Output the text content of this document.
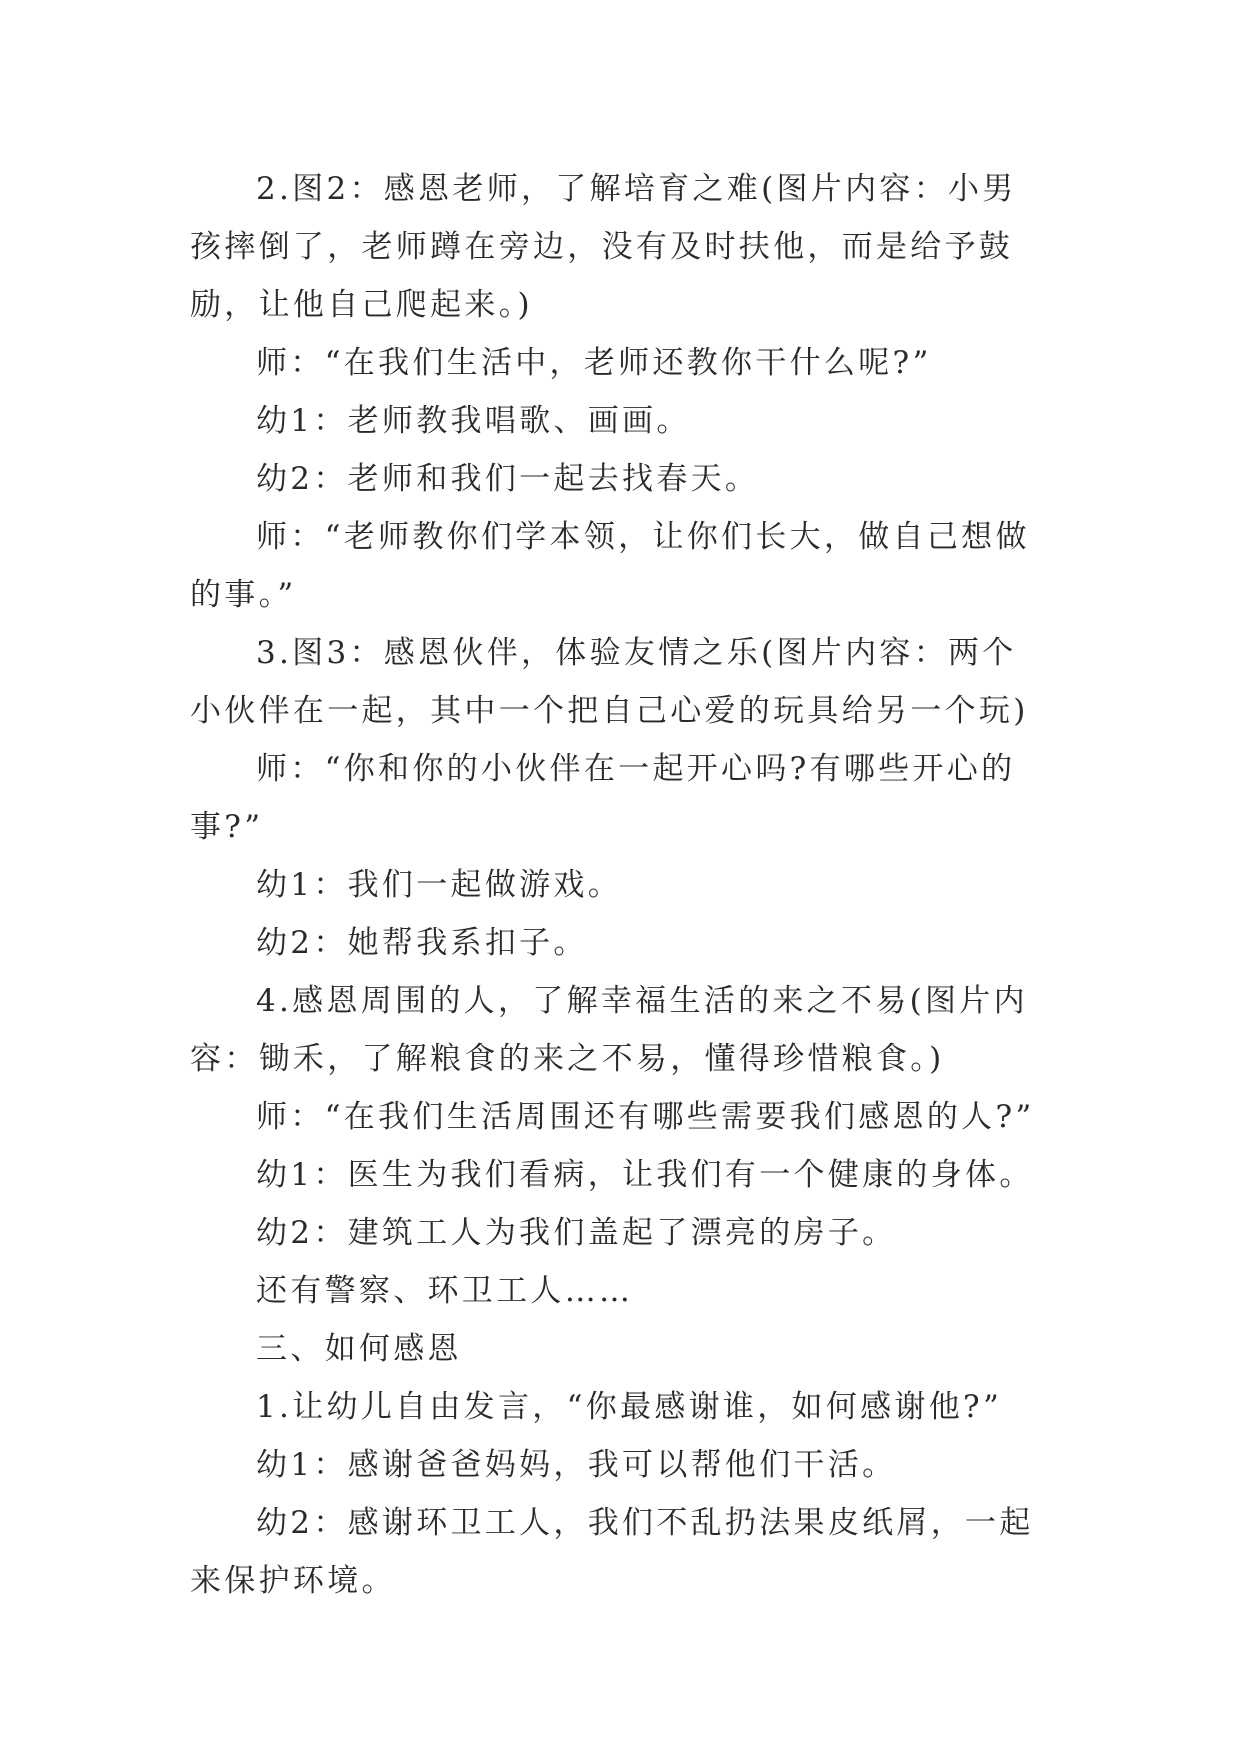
2.图2：感恩老师，了解培育之难(图片内容：小男孩摔倒了，老师蹲在旁边，没有及时扶他，而是给予鼓励，让他自己爬起来。)

师：“在我们生活中，老师还教你干什么呢?”

幼1：老师教我唱歌、画画。

幼2：老师和我们一起去找春天。

师：“老师教你们学本领，让你们长大，做自己想做的事。”

3.图3：感恩伙伴，体验友情之乐(图片内容：两个小伙伴在一起，其中一个把自己心爱的玩具给另一个玩)

师：“你和你的小伙伴在一起开心吗?有哪些开心的事?”

幼1：我们一起做游戏。

幼2：她帮我系扣子。

4.感恩周围的人，了解幸福生活的来之不易(图片内容：锄禾，了解粮食的来之不易，懂得珍惜粮食。)

师：“在我们生活周围还有哪些需要我们感恩的人?”

幼1：医生为我们看病，让我们有一个健康的身体。

幼2：建筑工人为我们盖起了漂亮的房子。

还有警察、环卫工人……

三、如何感恩

1.让幼儿自由发言，“你最感谢谁，如何感谢他?”

幼1：感谢爸爸妈妈，我可以帮他们干活。

幼2：感谢环卫工人，我们不乱扔法果皮纸屑，一起来保护环境。
